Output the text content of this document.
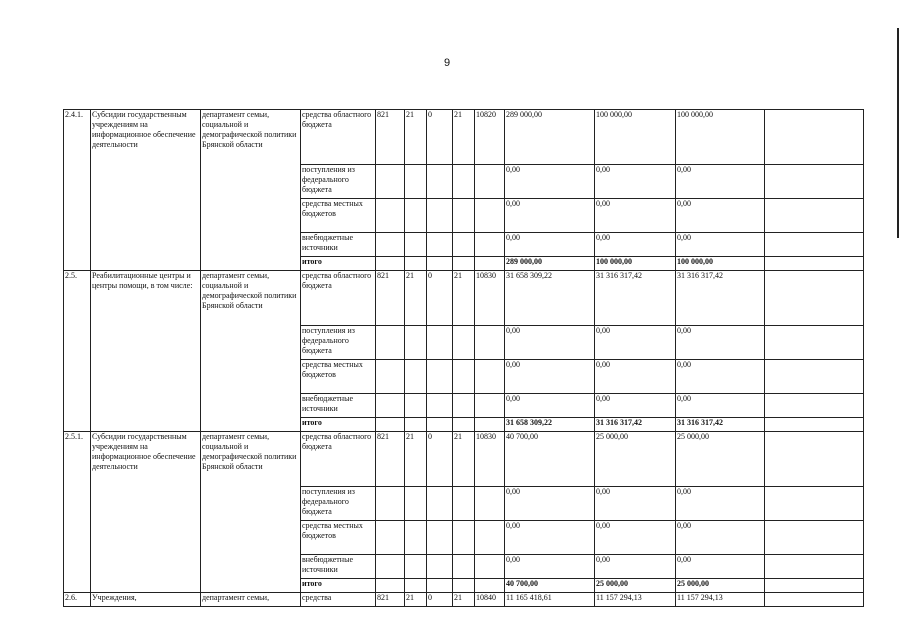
9
2.4.1.	Субсидии государственным учреждениям на информационное обеспечение деятельности	департамент семьи, социальной и демографической политики Брянской области	средства областного бюджета	821	21	0	21	10820	289 000,00	100 000,00	100 000,00	
			поступления из федерального бюджета						0,00	0,00	0,00	
			средства местных бюджетов						0,00	0,00	0,00	
			внебюджетные источники						0,00	0,00	0,00	
			итого						289 000,00	100 000,00	100 000,00	
2.5.	Реабилитационные центры и центры помощи, в том числе:	департамент семьи, социальной и демографической политики Брянской области	средства областного бюджета	821	21	0	21	10830	31 658 309,22	31 316 317,42	31 316 317,42	
			поступления из федерального бюджета						0,00	0,00	0,00	
			средства местных бюджетов						0,00	0,00	0,00	
			внебюджетные источники						0,00	0,00	0,00	
			итого						31 658 309,22	31 316 317,42	31 316 317,42	
2.5.1.	Субсидии государственным учреждениям на информационное обеспечение деятельности	департамент семьи, социальной и демографической политики Брянской области	средства областного бюджета	821	21	0	21	10830	40 700,00	25 000,00	25 000,00	
			поступления из федерального бюджета						0,00	0,00	0,00	
			средства местных бюджетов						0,00	0,00	0,00	
			внебюджетные источники						0,00	0,00	0,00	
			итого						40 700,00	25 000,00	25 000,00	
2.6.	Учреждения,	департамент семьи,	средства	821	21	0	21	10840	11 165 418,61	11 157 294,13	11 157 294,13	
